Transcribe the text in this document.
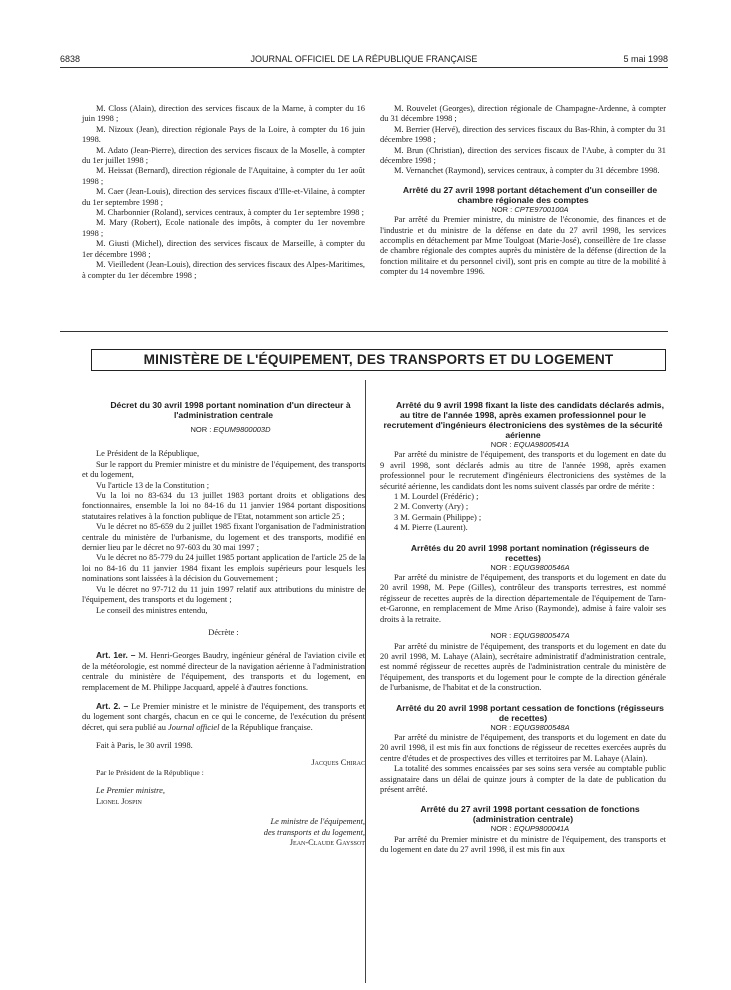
6838	JOURNAL OFFICIEL DE LA RÉPUBLIQUE FRANÇAISE	5 mai 1998

M. Closs (Alain), direction des services fiscaux de la Marne, à compter du 16 juin 1998 ;

M. Nizoux (Jean), direction régionale Pays de la Loire, à compter du 16 juin 1998.

M. Adato (Jean-Pierre), direction des services fiscaux de la Moselle, à compter du 1er juillet 1998 ;

M. Heissat (Bernard), direction régionale de l'Aquitaine, à compter du 1er août 1998 ;

M. Caer (Jean-Louis), direction des services fiscaux d'Ille-et-Vilaine, à compter du 1er septembre 1998 ;

M. Charbonnier (Roland), services centraux, à compter du 1er septembre 1998 ;

M. Mary (Robert), Ecole nationale des impôts, à compter du 1er novembre 1998 ;

M. Giusti (Michel), direction des services fiscaux de Marseille, à compter du 1er décembre 1998 ;

M. Vieilledent (Jean-Louis), direction des services fiscaux des Alpes-Maritimes, à compter du 1er décembre 1998 ;

M. Rouvelet (Georges), direction régionale de Champagne-Ardenne, à compter du 31 décembre 1998 ;

M. Berrier (Hervé), direction des services fiscaux du Bas-Rhin, à compter du 31 décembre 1998 ;

M. Brun (Christian), direction des services fiscaux de l'Aube, à compter du 31 décembre 1998 ;

M. Vernanchet (Raymond), services centraux, à compter du 31 décembre 1998.

Arrêté du 27 avril 1998 portant détachement d'un conseiller de chambre régionale des comptes

NOR : CPTE9700100A

Par arrêté du Premier ministre, du ministre de l'économie, des finances et de l'industrie et du ministre de la défense en date du 27 avril 1998, les services accomplis en détachement par Mme Toulgoat (Marie-José), conseillère de 1re classe de chambre régionale des comptes auprès du ministère de la défense (direction de la fonction militaire et du personnel civil), sont pris en compte au titre de la mobilité à compter du 14 novembre 1996.

MINISTÈRE DE L'ÉQUIPEMENT, DES TRANSPORTS ET DU LOGEMENT

Décret du 30 avril 1998 portant nomination d'un directeur à l'administration centrale

NOR : EQUM9800003D

Le Président de la République,

Sur le rapport du Premier ministre et du ministre de l'équipement, des transports et du logement,

Vu l'article 13 de la Constitution ;

Vu la loi no 83-634 du 13 juillet 1983 portant droits et obligations des fonctionnaires, ensemble la loi no 84-16 du 11 janvier 1984 portant dispositions statutaires relatives à la fonction publique de l'Etat, notamment son article 25 ;

Vu le décret no 85-659 du 2 juillet 1985 fixant l'organisation de l'administration centrale du ministère de l'urbanisme, du logement et des transports, modifié en dernier lieu par le décret no 97-603 du 30 mai 1997 ;

Vu le décret no 85-779 du 24 juillet 1985 portant application de l'article 25 de la loi no 84-16 du 11 janvier 1984 fixant les emplois supérieurs pour lesquels les nominations sont laissées à la décision du Gouvernement ;

Vu le décret no 97-712 du 11 juin 1997 relatif aux attributions du ministre de l'équipement, des transports et du logement ;

Le conseil des ministres entendu,

Décrète :

Art. 1er. – M. Henri-Georges Baudry, ingénieur général de l'aviation civile et de la météorologie, est nommé directeur de la navigation aérienne à l'administration centrale du ministère de l'équipement, des transports et du logement, en remplacement de M. Philippe Jacquard, appelé à d'autres fonctions.

Art. 2. – Le Premier ministre et le ministre de l'équipement, des transports et du logement sont chargés, chacun en ce qui le concerne, de l'exécution du présent décret, qui sera publié au Journal officiel de la République française.

Fait à Paris, le 30 avril 1998.

Jacques Chirac

Par le Président de la République :

Le Premier ministre,

Lionel Jospin

Le ministre de l'équipement,

des transports et du logement,

Jean-Claude Gayssot

Arrêté du 9 avril 1998 fixant la liste des candidats déclarés admis, au titre de l'année 1998, après examen professionnel pour le recrutement d'ingénieurs électroniciens des systèmes de la sécurité aérienne

NOR : EQUA9800541A

Par arrêté du ministre de l'équipement, des transports et du logement en date du 9 avril 1998, sont déclarés admis au titre de l'année 1998, après examen professionnel pour le recrutement d'ingénieurs électroniciens des systèmes de la sécurité aérienne, les candidats dont les noms suivent classés par ordre de mérite :

1 M. Lourdel (Frédéric) ;

2 M. Converty (Ary) ;

3 M. Germain (Philippe) ;

4 M. Pierre (Laurent).

Arrêtés du 20 avril 1998 portant nomination (régisseurs de recettes)

NOR : EQUG9800546A

Par arrêté du ministre de l'équipement, des transports et du logement en date du 20 avril 1998, M. Pepe (Gilles), contrôleur des transports terrestres, est nommé régisseur de recettes auprès de la direction départementale de l'équipement de Tarn-et-Garonne, en remplacement de Mme Ariso (Raymonde), admise à faire valoir ses droits à la retraite.

NOR : EQUG9800547A

Par arrêté du ministre de l'équipement, des transports et du logement en date du 20 avril 1998, M. Lahaye (Alain), secrétaire administratif d'administration centrale, est nommé régisseur de recettes auprès de l'administration centrale du ministère de l'équipement, des transports et du logement pour le compte de la direction générale de l'urbanisme, de l'habitat et de la construction.

Arrêté du 20 avril 1998 portant cessation de fonctions (régisseurs de recettes)

NOR : EQUG9800548A

Par arrêté du ministre de l'équipement, des transports et du logement en date du 20 avril 1998, il est mis fin aux fonctions de régisseur de recettes exercées auprès du centre d'études et de prospectives des villes et territoires par M. Lahaye (Alain).

La totalité des sommes encaissées par ses soins sera versée au comptable public assignataire dans un délai de quinze jours à compter de la date de publication du présent arrêté.

Arrêté du 27 avril 1998 portant cessation de fonctions (administration centrale)

NOR : EQUP9800041A

Par arrêté du Premier ministre et du ministre de l'équipement, des transports et du logement en date du 27 avril 1998, il est mis fin aux
